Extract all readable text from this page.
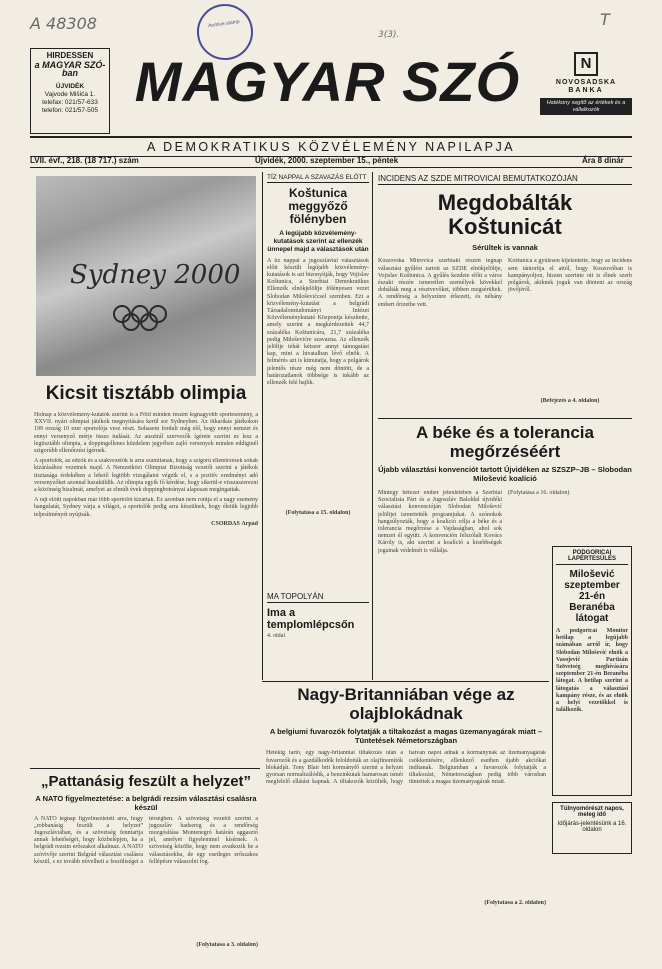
A 48308	T
3(3).
Archive stamp
HIRDESSEN
a MAGYAR SZÓ-ban
ÚJVIDÉK
Vajvode Mišića 1.
telefax: 021/57-633
telefon: 021/57-505 MAGYAR SZÓ	N
NOVOSADSKA
BANKA
Hatékony segítő az értékek és a vállalkozók
A DEMOKRATIKUS KÖZVÉLEMÉNY NAPILAPJA
LVII. évf., 218. (18 717.) szám	Újvidék, 2000. szeptember 15., péntek	Ára 8 dinár
Sydney 2000
Kicsit tisztább olimpia
Holnap a közvélemény-kutatók szerint is a Föld minden részén legnagyobb sportesemény, a XXVII. nyári olimpiai játékok megnyitására kerül sor Sydneyben. Az ötkarikás játékokon 199 ország 10 ezer sportolója vesz részt. Sohasem fordult még elő, hogy ennyi nemzet és ennyi versenyző mérje össze tudását. Az ausztrál szervezők ígérete szerint ez lesz a legtisztább olimpia, a doppingellenes küzdelem jegyében zajló versenyek minden eddiginél szigorúbb ellenőrzést ígérnek.
A sportolók, az edzők és a szakvezetők is arra számítanak, hogy a szigorú ellenőrzések sokak kizárásához vezetnek majd. A Nemzetközi Olimpiai Bizottság vezetői szerint a játékok tisztasága érdekében a lehető legtöbb vizsgálatot végzik el, s a pozitív eredményt adó versenyzőket azonnal hazaküldik. Az olimpia egyik fő kérdése, hogy sikerül-e visszaszerezni a közönség bizalmát, amelyet az elmúlt évek doppingbotrányai alaposan megingattak.
A rajt előtti napokban már több sportolót kizártak. Ez azonban nem rontja el a nagy esemény hangulatát, Sydney várja a világot, a sportolók pedig arra készülnek, hogy életük legjobb teljesítményét nyújtsák.
CSORDÁS Árpád
TÍZ NAPPAL A SZAVAZÁS ELŐTT
Koštunica meggyőző fölényben
A legújabb közvélemény-kutatások szerint az ellenzék ünnepel majd a választások után
A tíz nappal a jugoszláviai választások előtt készült legújabb közvélemény-kutatások is azt bizonyítják, hogy Vojislav Koštunica, a Szerbiai Demokratikus Ellenzék elnökjelöltje fölényesen vezet Slobodan Miloševićcsel szemben. Ezt a közvélemény-kutatást a belgrádi Társadalomtudományi Intézet Közvéleménykutató Központja készítette, amely szerint a megkérdezettek 44,7 százaléka Koštunicára, 21,7 százaléka pedig Miloševićre szavazna. Az ellenzék jelöltje tehát kétszer annyi támogatást kap, mint a hivatalban lévő elnök. A felmérés azt is kimutatja, hogy a polgárok jelentős része még nem döntött, de a határozatlanok többsége is inkább az ellenzék felé hajlik.
(Folytatása a 15. oldalon)
MA TOPOLYÁN
Ima a templomlépcsőn
4. oldal
INCIDENS AZ SZDE MITROVICAI BEMUTATKOZÓJÁN
Megdobálták Koštunicát
Sérültek is vannak
Koszovska Mitrovica szerbiaki részén tegnap választási gyűlést tartott az SZDE elnökjelöltje, Vojislav Koštunica. A gyűlés kezdete előtt a város északi részén ismeretlen személyek kövekkel dobálták meg a résztvevőket, többen megsérültek. A rendőrség a helyszínre érkezett, és néhány embert őrizetbe vett.
Koštunica a gyűlésen kijelentette, hogy az incidens sem tántorítja el attól, hogy Koszovóban is kampányoljon, hiszen szerinte ott is élnek szerb polgárok, akiknek joguk van dönteni az ország jövőjéről.
(Befejezés a 4. oldalon)
A béke és a tolerancia megőrzéséért
Újabb választási konvenciót tartott Újvidéken az SZSZP–JB – Slobodan Milošević koalíció
Mintegy hétezer ember jelenlétében a Szerbiai Szocialista Párt és a Jugoszláv Baloldal újvidéki választási konvencióján Slobodan Milošević jelöltjei ismertették programjukat. A szónokok hangsúlyozták, hogy a koalíció célja a béke és a tolerancia megőrzése a Vajdaságban, ahol sok nemzet él együtt. A konvención felszólalt Kovács Károly is, aki szerint a koalíció a kisebbségek jogainak védelmét is vállalja.
(Folytatása a 16. oldalon)
PODGORICAI LAPÉRTESÜLÉS
Milošević szeptember 21-én Beranéba látogat
A podgoricai Monitor hetilap a legújabb számában arról ír, hogy Slobodan Milošević elnök a Vasojević Partizán Szövetség meghívására szeptember 21-én Beranéba látogat. A hetilap szerint a látogatás a választási kampány része, és az elnök a helyi vezetőkkel is találkozik.
Túlnyomórészt napos, meleg idő
Időjárás-jelentésünk a 16. oldalon
Nagy-Britanniában vége az olajblokádnak
A belgiumi fuvarozók folytatják a tiltakozást a magas üzemanyagárak miatt – Tüntetések Németországban
Hetekig tartó, egy nagy-britanniai tiltakozás után a fuvarozók és a gazdálkodók feloldották az olajfinomítók blokádját. Tony Blair brit kormányfő szerint a helyzet gyorsan normalizálódik, a benzinkutak hamarosan ismét megfelelő ellátást kapnak. A tiltakozók közölték, hogy hatvan napot adnak a kormánynak az üzemanyagárak csökkentésére, ellenkező esetben újabb akciókat indítanak. Belgiumban a fuvarozók folytatják a tiltakozást, Németországban pedig több városban tüntettek a magas üzemanyagárak miatt.
(Folytatása a 2. oldalon)
„Pattanásig feszült a helyzet”
A NATO figyelmeztetése: a belgrádi rezsim választási csalásra készül
A NATO tegnap figyelmeztetett arra, hogy „robbanásig feszült a helyzet” Jugoszláviában, és a szövetség fenntartja annak lehetőségét, hogy közbelépjen, ha a belgrádi rezsim erőszakot alkalmaz. A NATO szóvivője szerint Belgrád választási csalásra készül, s ez tovább növelheti a feszültséget a térségben. A szövetség vezetői szerint a jugoszláv hadsereg és a rendőrség mozgósítása Montenegró határán aggasztó jel, amelyet figyelemmel kísérnek. A szövetség közölte, hogy nem avatkozik be a választásokba, de egy esetleges erőszakos fellépésre válaszolni fog.
(Folytatása a 3. oldalon)
